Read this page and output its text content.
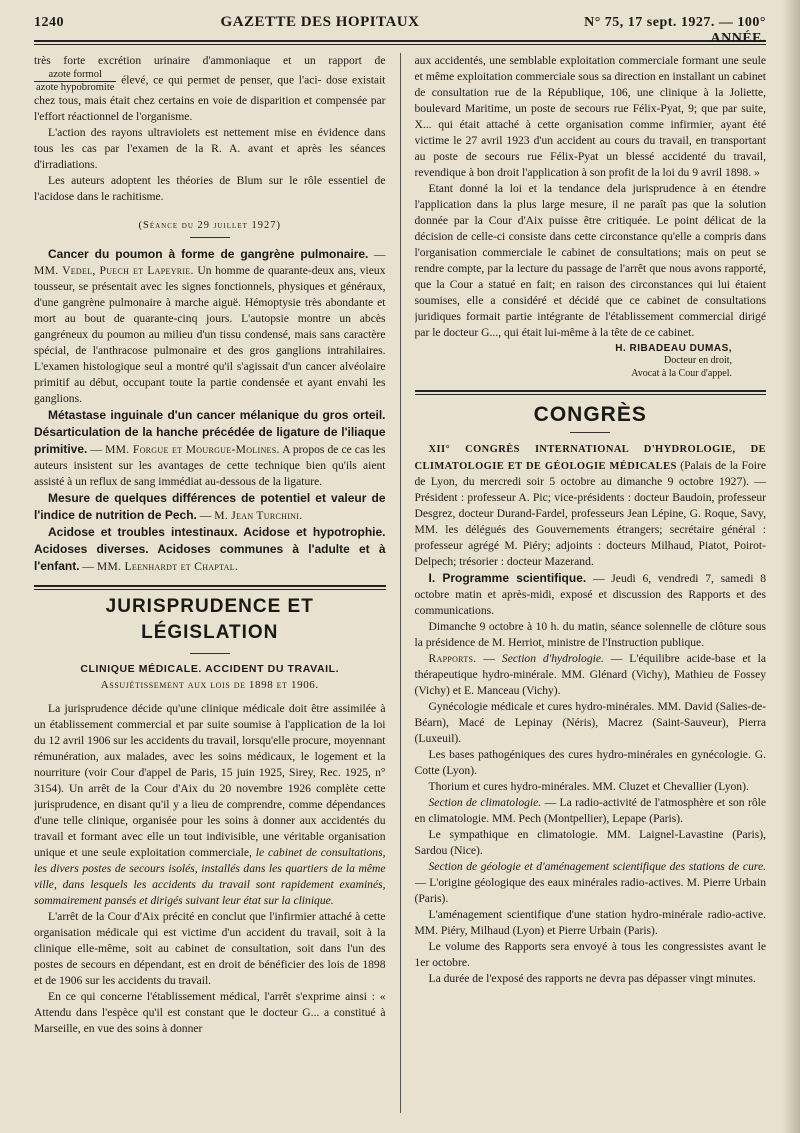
1240	GAZETTE DES HOPITAUX	N° 75, 17 sept. 1927. — 100° ANNÉE.

très forte excrétion urinaire d'ammoniaque et un rapport de
$\frac{\text{azote formol}}{\text{azote hypobromite}}$ élevé, ce qui permet de penser, que l'aci- dose existait chez tous, mais était chez certains en voie de disparition et compensée par l'effort réactionnel de l'organisme.

L'action des rayons ultraviolets est nettement mise en évidence dans tous les cas par l'examen de la R. A. avant et après les séances d'irradiations.

Les auteurs adoptent les théories de Blum sur le rôle essentiel de l'acidose dans le rachitisme.

(Séance du 29 juillet 1927)

Cancer du poumon à forme de gangrène pulmonaire. — MM. Vedel, Puech et Lapeyrie. Un homme de quarante-deux ans, vieux tousseur, se présentait avec les signes fonctionnels, physiques et généraux, d'une gangrène pulmonaire à marche aiguë. Hémoptysie très abondante et mort au bout de quarante-cinq jours. L'autopsie montre un abcès gangréneux du poumon au milieu d'un tissu condensé, mais sans caractère spécial, de l'anthracose pulmonaire et des gros ganglions intrahilaires. L'examen histologique seul a montré qu'il s'agissait d'un cancer alvéolaire primitif au début, occupant toute la partie condensée et ayant envahi les ganglions.

Métastase inguinale d'un cancer mélanique du gros orteil. Désarticulation de la hanche précédée de ligature de l'iliaque primitive. — MM. Forgue et Mourgue-Molines. A propos de ce cas les auteurs insistent sur les avantages de cette technique bien qu'ils aient assisté à un reflux de sang immédiat au-dessous de la ligature.

Mesure de quelques différences de potentiel et valeur de l'indice de nutrition de Pech. — M. Jean Turchini.

Acidose et troubles intestinaux. Acidose et hypotrophie. Acidoses diverses. Acidoses communes à l'adulte et à l'enfant. — MM. Leenhardt et Chaptal.

JURISPRUDENCE ET LÉGISLATION
CLINIQUE MÉDICALE. ACCIDENT DU TRAVAIL.
Assujétissement aux lois de 1898 et 1906.

La jurisprudence décide qu'une clinique médicale doit être assimilée à un établissement commercial et par suite soumise à l'application de la loi du 12 avril 1906 sur les accidents du travail, lorsqu'elle procure, moyennant rémunération, aux malades, avec les soins médicaux, le logement et la nourriture (voir Cour d'appel de Paris, 15 juin 1925, Sirey, Rec. 1925, n° 3154). Un arrêt de la Cour d'Aix du 20 novembre 1926 complète cette jurisprudence, en disant qu'il y a lieu de comprendre, comme dépendances d'une telle clinique, organisée pour les soins à donner aux accidentés du travail et formant avec elle un tout indivisible, une véritable organisation unique et une seule exploitation commerciale, le cabinet de consultations, les divers postes de secours isolés, installés dans les quartiers de la même ville, dans lesquels les accidents du travail sont rapidement examinés, sommairement pansés et dirigés suivant leur état sur la clinique.

L'arrêt de la Cour d'Aix précité en conclut que l'infirmier attaché à cette organisation médicale qui est victime d'un accident du travail, soit à la clinique elle-même, soit au cabinet de consultation, soit dans l'un des postes de secours en dépendant, est en droit de bénéficier des lois de 1898 et de 1906 sur les accidents du travail.

En ce qui concerne l'établissement médical, l'arrêt s'exprime ainsi : « Attendu dans l'espèce qu'il est constant que le docteur G... a constitué à Marseille, en vue des soins à donner

aux accidentés, une semblable exploitation commerciale formant une seule et même exploitation commerciale sous sa direction en installant un cabinet de consultation rue de la République, 106, une clinique à la Joliette, boulevard Maritime, un poste de secours rue Félix-Pyat, 9; que par suite, X... qui était attaché à cette organisation comme infirmier, ayant été victime le 27 avril 1923 d'un accident au cours du travail, en transportant au poste de secours rue Félix-Pyat un blessé accidenté du travail, revendique à bon droit l'application à son profit de la loi du 9 avril 1898. »

Etant donné la loi et la tendance dela jurisprudence à en étendre l'application dans la plus large mesure, il ne paraît pas que la solution donnée par la Cour d'Aix puisse être critiquée. Le point délicat de la décision de celle-ci consiste dans cette circonstance qu'elle a compris dans l'organisation commerciale le cabinet de consultations; mais on peut se rendre compte, par la lecture du passage de l'arrêt que nous avons rapporté, que la Cour a statué en fait; en raison des circonstances qui lui étaient soumises, elle a considéré et décidé que ce cabinet de consultations juridiques formait partie intégrante de l'établissement commercial dirigé par le docteur G..., qui était lui-même à la tête de ce cabinet.

H. RIBADEAU DUMAS,
Docteur en droit,
Avocat à la Cour d'appel.
CONGRÈS

XII° CONGRÈS INTERNATIONAL D'HYDROLOGIE, DE CLIMATOLOGIE ET DE GÉOLOGIE MÉDICALES (Palais de la Foire de Lyon, du mercredi soir 5 octobre au dimanche 9 octobre 1927). — Président : professeur A. Pic; vice-présidents : docteur Baudoin, professeur Desgrez, docteur Durand-Fardel, professeurs Jean Lépine, G. Roque, Savy, MM. les délégués des Gouvernements étrangers; secrétaire général : professeur agrégé M. Piéry; adjoints : docteurs Milhaud, Piatot, Poirot-Delpech; trésorier : docteur Mazerand.

I. Programme scientifique. — Jeudi 6, vendredi 7, samedi 8 octobre matin et après-midi, exposé et discussion des Rapports et des communications.

Dimanche 9 octobre à 10 h. du matin, séance solennelle de clôture sous la présidence de M. Herriot, ministre de l'Instruction publique.

Rapports. — Section d'hydrologie. — L'équilibre acide-base et la thérapeutique hydro-minérale. MM. Glénard (Vichy), Mathieu de Fossey (Vichy) et E. Manceau (Vichy).

Gynécologie médicale et cures hydro-minérales. MM. David (Salies-de-Béarn), Macé de Lepinay (Néris), Macrez (Saint-Sauveur), Pierra (Luxeuil).

Les bases pathogéniques des cures hydro-minérales en gynécologie. G. Cotte (Lyon).

Thorium et cures hydro-minérales. MM. Cluzet et Chevallier (Lyon).

Section de climatologie. — La radio-activité de l'atmosphère et son rôle en climatologie. MM. Pech (Montpellier), Lepape (Paris).

Le sympathique en climatologie. MM. Laignel-Lavastine (Paris), Sardou (Nice).

Section de géologie et d'aménagement scientifique des stations de cure. — L'origine géologique des eaux minérales radio-actives. M. Pierre Urbain (Paris).

L'aménagement scientifique d'une station hydro-minérale radio-active. MM. Piéry, Milhaud (Lyon) et Pierre Urbain (Paris).

Le volume des Rapports sera envoyé à tous les congressistes avant le 1er octobre.

La durée de l'exposé des rapports ne devra pas dépasser vingt minutes.
